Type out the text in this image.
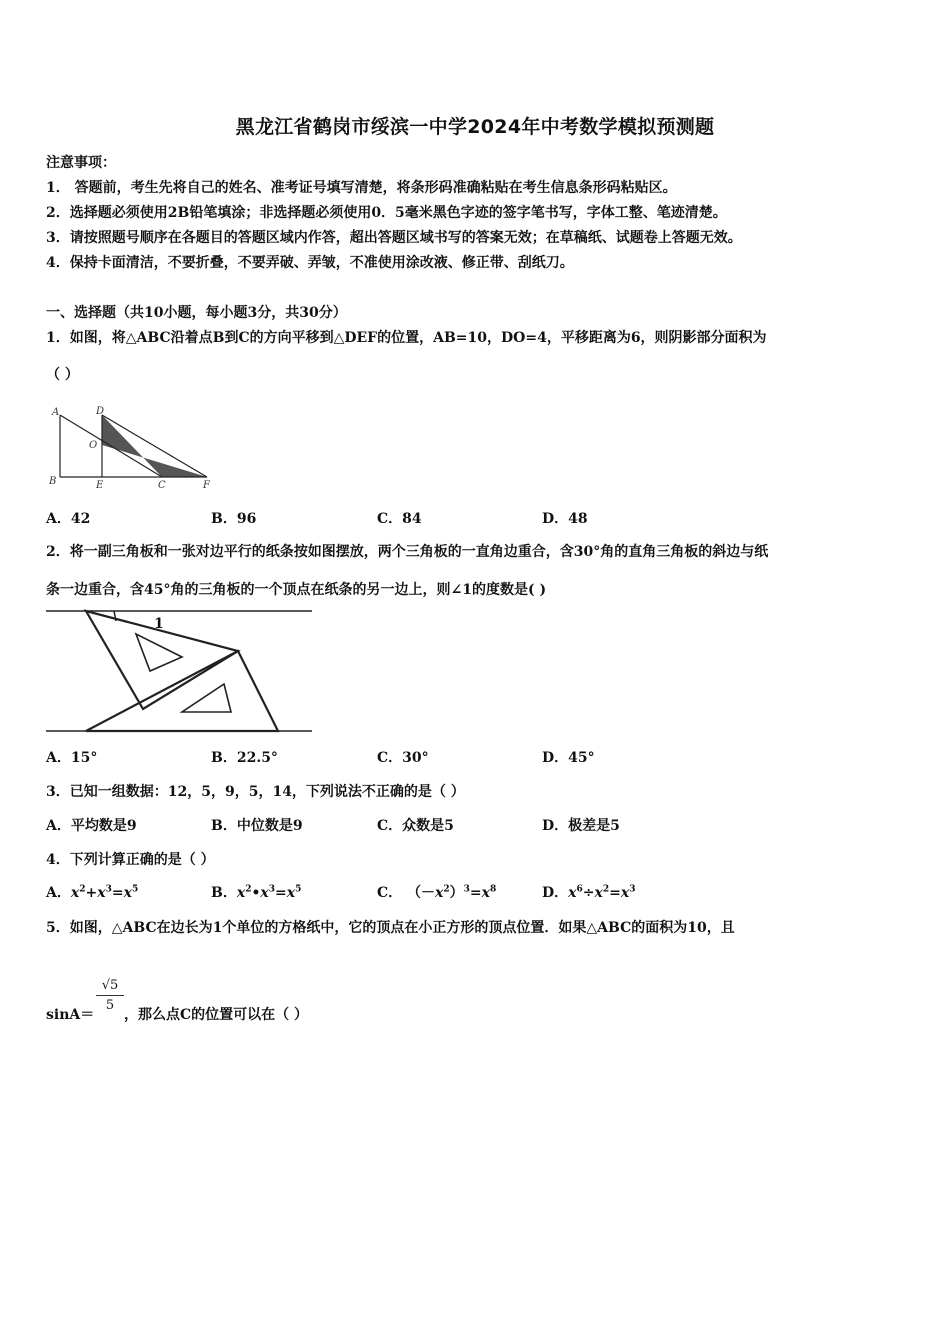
黑龙江省鹤岗市绥滨一中学2024年中考数学模拟预测题
注意事项：
1． 答题前，考生先将自己的姓名、准考证号填写清楚，将条形码准确粘贴在考生信息条形码粘贴区。
2．选择题必须使用2B铅笔填涂；非选择题必须使用0．5毫米黑色字迹的签字笔书写，字体工整、笔迹清楚。
3．请按照题号顺序在各题目的答题区域内作答，超出答题区域书写的答案无效；在草稿纸、试题卷上答题无效。
4．保持卡面清洁，不要折叠，不要弄破、弄皱，不准使用涂改液、修正带、刮纸刀。
一、选择题（共10小题，每小题3分，共30分）
1．如图，将△ABC沿着点B到C的方向平移到△DEF的位置，AB=10，DO=4，平移距离为6，则阴影部分面积为
（ ）
A	D
O
B	E	C	F
A．42	B．96	C．84	D．48
2．将一副三角板和一张对边平行的纸条按如图摆放，两个三角板的一直角边重合，含30°角的直角三角板的斜边与纸
条一边重合，含45°角的三角板的一个顶点在纸条的另一边上，则∠1的度数是( )
1
A．15°	B．22.5°	C．30°	D．45°
3．已知一组数据：12，5，9，5，14，下列说法不正确的是（ ）
A．平均数是9	B．中位数是9	C．众数是5	D．极差是5
4．下列计算正确的是（ ）
A．$x^2+x^3=x^5$	B．$x^2•x^3=x^5$	C． $(-x^2)^3=x^8$	D．$x^6\div x^2=x^3$
5．如图，△ABC在边长为1个单位的方格纸中，它的顶点在小正方形的顶点位置．如果△ABC的面积为10，且
$\frac{√5}{5}$
sinA＝ ，那么点C的位置可以在（ ）
